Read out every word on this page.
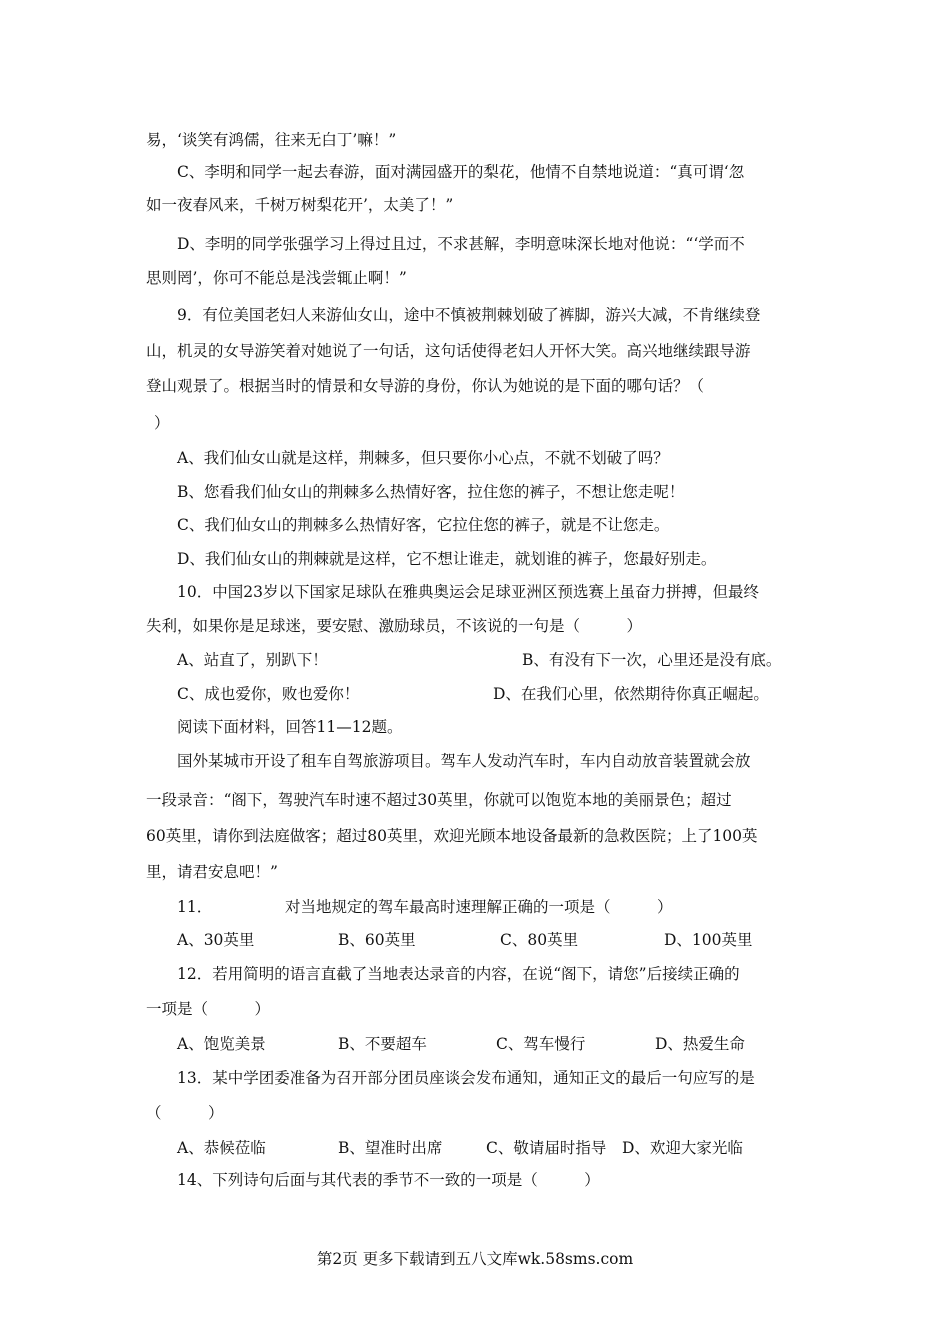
易，‘谈笑有鸿儒，往来无白丁’嘛！”
C、李明和同学一起去春游，面对满园盛开的梨花，他情不自禁地说道：“真可谓‘忽
如一夜春风来，千树万树梨花开’，太美了！”
D、李明的同学张强学习上得过且过，不求甚解，李明意味深长地对他说：“‘学而不
思则罔’，你可不能总是浅尝辄止啊！”
9．有位美国老妇人来游仙女山，途中不慎被荆棘划破了裤脚，游兴大减，不肯继续登
山，机灵的女导游笑着对她说了一句话，这句话使得老妇人开怀大笑。高兴地继续跟导游
登山观景了。根据当时的情景和女导游的身份，你认为她说的是下面的哪句话？（
）
A、我们仙女山就是这样，荆棘多，但只要你小心点，不就不划破了吗？
B、您看我们仙女山的荆棘多么热情好客，拉住您的裤子，不想让您走呢！
C、我们仙女山的荆棘多么热情好客，它拉住您的裤子，就是不让您走。
D、我们仙女山的荆棘就是这样，它不想让谁走，就划谁的裤子，您最好别走。
10．中国23岁以下国家足球队在雅典奥运会足球亚洲区预选赛上虽奋力拼搏，但最终
失利，如果你是足球迷，要安慰、激励球员，不该说的一句是（　　　）
A、站直了，别趴下！	B、有没有下一次，心里还是没有底。
C、成也爱你，败也爱你！	D、在我们心里，依然期待你真正崛起。
阅读下面材料，回答11—12题。
国外某城市开设了租车自驾旅游项目。驾车人发动汽车时，车内自动放音装置就会放
一段录音：“阁下，驾驶汽车时速不超过30英里，你就可以饱览本地的美丽景色；超过
60英里，请你到法庭做客；超过80英里，欢迎光顾本地设备最新的急救医院；上了100英
里，请君安息吧！”
11．	对当地规定的驾车最高时速理解正确的一项是（　　　）
A、30英里	B、60英里	C、80英里	D、100英里
12．若用简明的语言直截了当地表达录音的内容，在说“阁下，请您”后接续正确的
一项是（　　　）
A、饱览美景	B、不要超车	C、驾车慢行	D、热爱生命
13．某中学团委准备为召开部分团员座谈会发布通知，通知正文的最后一句应写的是
（　　　）
A、恭候莅临	B、望准时出席	C、敬请届时指导 D、欢迎大家光临
14、下列诗句后面与其代表的季节不一致的一项是（　　　）
第2页 更多下载请到五八文库wk.58sms.com
